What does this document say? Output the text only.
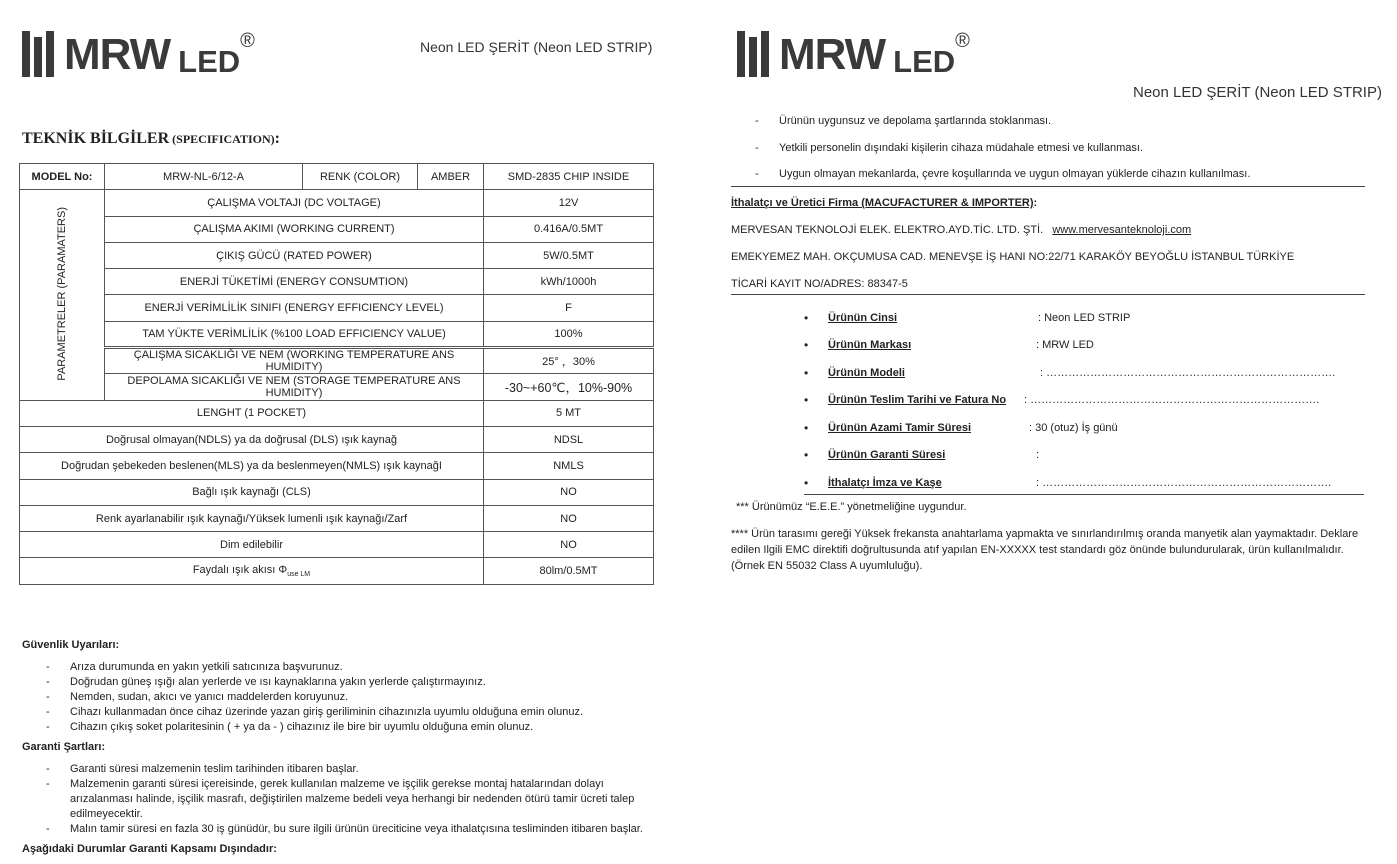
MRW LED
®	Neon LED ŞERİT (Neon LED STRIP)	MRW LED
®
Neon LED ŞERİT (Neon LED STRIP)
TEKNİK BİLGİLER (SPECIFICATION):
MODEL No:	MRW-NL-6/12-A	RENK (COLOR)	AMBER	SMD-2835 CHIP INSIDE
PARAMETRELER (PARAMATERS)	ÇALIŞMA VOLTAJI (DC VOLTAGE)			12V
	ÇALIŞMA AKIMI (WORKING CURRENT)			0.416A/0.5MT
	ÇIKIŞ GÜCÜ (RATED POWER)			5W/0.5MT
	ENERJİ TÜKETİMİ (ENERGY CONSUMTION)			kWh/1000h
	ENERJİ VERİMLİLİK SINIFI (ENERGY EFFICIENCY LEVEL)			F
	TAM YÜKTE VERİMLİLİK (%100 LOAD EFFICIENCY VALUE)			100%
	ÇALIŞMA SICAKLIĞI VE NEM (WORKING TEMPERATURE ANS HUMIDITY)			25° ，30%
	DEPOLAMA SICAKLIĞI VE NEM (STORAGE TEMPERATURE ANS HUMIDITY)			-30~+60℃，10%-90%
LENGHT (1 POCKET)				5 MT
Doğrusal olmayan(NDLS) ya da doğrusal (DLS) ışık kaynağ				NDSL
Doğrudan şebekeden beslenen(MLS) ya da beslenmeyen(NMLS) ışık kaynağI				NMLS
Bağlı ışık kaynağı (CLS)				NO
Renk ayarlanabilir ışık kaynağı/Yüksek lumenli ışık kaynağı/Zarf				NO
Dim edilebilir				NO
Faydalı ışık akısı $\Phi_{use LM}$				80lm/0.5MT
Güvenlik Uyarıları:
- Arıza durumunda en yakın yetkili satıcınıza başvurunuz.
- Doğrudan güneş ışığı alan yerlerde ve ısı kaynaklarına yakın yerlerde çalıştırmayınız.
- Nemden, sudan, akıcı ve yanıcı maddelerden koruyunuz.
- Cihazı kullanmadan önce cihaz üzerinde yazan giriş geriliminin cihazınızla uyumlu olduğuna emin olunuz.
- Cihazın çıkış soket polaritesinin ( + ya da - ) cihazınız ile bire bir uyumlu olduğuna emin olunuz.
Garanti Şartları:
- Garanti süresi malzemenin teslim tarihinden itibaren başlar.
- Malzemenin garanti süresi içereisinde, gerek kullanılan malzeme ve işçilik gerekse montaj hatalarından dolayı arızalanması halinde, işçilik masrafı, değiştirilen malzeme bedeli veya herhangi bir nedenden ötürü tamir ücreti talep edilmeyecektir.
- Malın tamir süresi en fazla 30 iş günüdür, bu sure ilgili ürünün üreciticine veya ithalatçısına tesliminden itibaren başlar.
Aşağıdaki Durumlar Garanti Kapsamı Dışındadır:
- Ürünün uygunsuz ve depolama şartlarında stoklanması.
- Yetkili personelin dışındaki kişilerin cihaza müdahale etmesi ve kullanması.
- Uygun olmayan mekanlarda, çevre koşullarında ve uygun olmayan yüklerde cihazın kullanılması.
İthalatçı ve Üretici Firma (MACUFACTURER & IMPORTER):
MERVESAN TEKNOLOJİ ELEK. ELEKTRO.AYD.TİC. LTD. ŞTİ. www.mervesanteknoloji.com
EMEKYEMEZ MAH. OKÇUMUSA CAD. MENEVŞE İŞ HANI NO:22/71 KARAKÖY BEYOĞLU İSTANBUL TÜRKİYE
TİCARİ KAYIT NO/ADRES: 88347-5
•	Ürünün Cinsi	: Neon LED STRIP
•	Ürünün Markası	: MRW LED
•	Ürünün Modeli	: …………………………………………………………………….
•	Ürünün Teslim Tarihi ve Fatura No : …………………………………………………………………….
•	Ürünün Azami Tamir Süresi	: 30 (otuz) İş günü
•	Ürünün Garanti Süresi	:
•	İthalatçı İmza ve Kaşe	: …………………………………………………………………….
*** Ürünümüz “E.E.E.” yönetmeliğine uygundur.
**** Ürün tarasımı gereği Yüksek frekansta anahtarlama yapmakta ve sınırlandırılmış oranda manyetik alan yaymaktadır. Deklare edilen Ilgili EMC direktifi doğrultusunda atıf yapılan EN-XXXXX test standardı göz önünde bulundurularak, ürün kullanılmalıdır. (Örnek EN 55032 Class A uyumluluğu).
